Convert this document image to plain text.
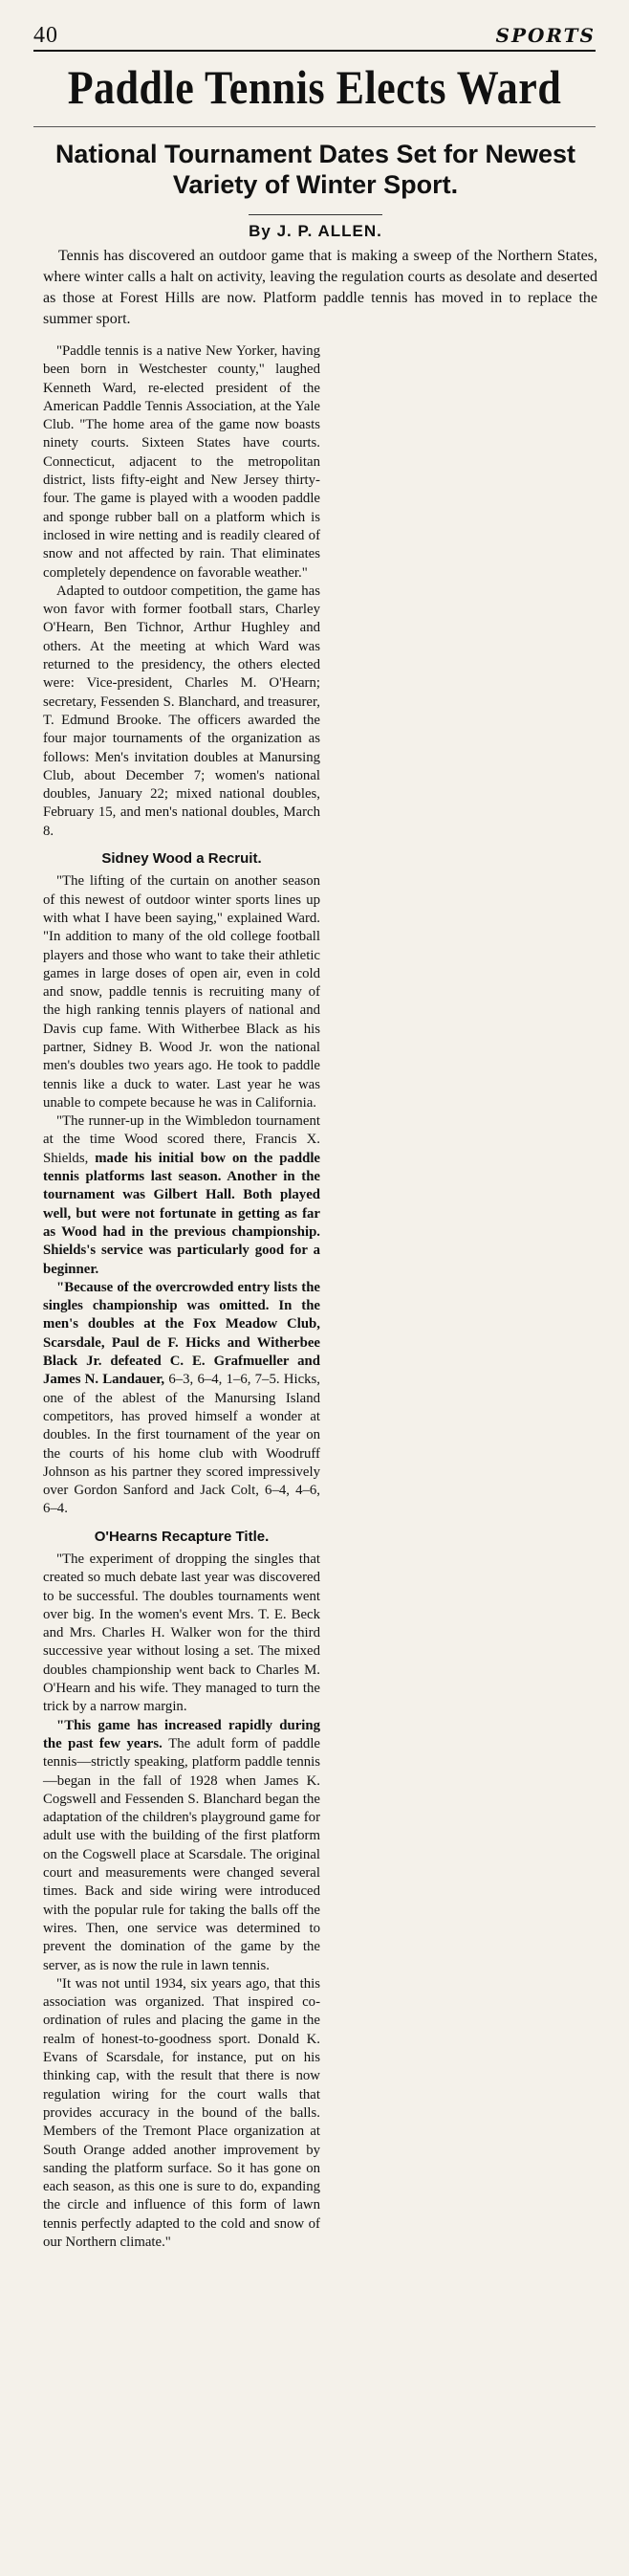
40	SPORTS
Paddle Tennis Elects Ward
National Tournament Dates Set for Newest Variety of Winter Sport.
By J. P. ALLEN.

Tennis has discovered an outdoor game that is making a sweep of the Northern States, where winter calls a halt on activity, leaving the regulation courts as desolate and deserted as those at Forest Hills are now. Platform paddle tennis has moved in to replace the summer sport.

"Paddle tennis is a native New Yorker, having been born in Westchester county," laughed Kenneth Ward, re-elected president of the American Paddle Tennis Association, at the Yale Club. "The home area of the game now boasts ninety courts. Sixteen States have courts. Connecticut, adjacent to the metropolitan district, lists fifty-eight and New Jersey thirty-four. The game is played with a wooden paddle and sponge rubber ball on a platform which is inclosed in wire netting and is readily cleared of snow and not affected by rain. That eliminates completely dependence on favorable weather."

Adapted to outdoor competition, the game has won favor with former football stars, Charley O'Hearn, Ben Tichnor, Arthur Hughley and others. At the meeting at which Ward was returned to the presidency, the others elected were: Vice-president, Charles M. O'Hearn; secretary, Fessenden S. Blanchard, and treasurer, T. Edmund Brooke. The officers awarded the four major tournaments of the organization as follows: Men's invitation doubles at Manursing Club, about December 7; women's national doubles, January 22; mixed national doubles, February 15, and men's national doubles, March 8.

Sidney Wood a Recruit.

"The lifting of the curtain on another season of this newest of outdoor winter sports lines up with what I have been saying," explained Ward. "In addition to many of the old college football players and those who want to take their athletic games in large doses of open air, even in cold and snow, paddle tennis is recruiting many of the high ranking tennis players of national and Davis cup fame. With Witherbee Black as his partner, Sidney B. Wood Jr. won the national men's doubles two years ago. He took to paddle tennis like a duck to water. Last year he was unable to compete because he was in California.

"The runner-up in the Wimbledon tournament at the time Wood scored there, Francis X. Shields, made his initial bow on the paddle tennis platforms last season. Another in the tournament was Gilbert Hall. Both played well, but were not fortunate in getting as far as Wood had in the previous championship. Shields's service was particularly good for a beginner.

"Because of the overcrowded entry lists the singles championship was omitted. In the men's doubles at the Fox Meadow Club, Scarsdale, Paul de F. Hicks and Witherbee Black Jr. defeated C. E. Grafmueller and James N. Landauer, 6–3, 6–4, 1–6, 7–5. Hicks, one of the ablest of the Manursing Island competitors, has proved himself a wonder at doubles. In the first tournament of the year on the courts of his home club with Woodruff Johnson as his partner they scored impressively over Gordon Sanford and Jack Colt, 6–4, 4–6, 6–4.

O'Hearns Recapture Title.

"The experiment of dropping the singles that created so much debate last year was discovered to be successful. The doubles tournaments went over big. In the women's event Mrs. T. E. Beck and Mrs. Charles H. Walker won for the third successive year without losing a set. The mixed doubles championship went back to Charles M. O'Hearn and his wife. They managed to turn the trick by a narrow margin.

"This game has increased rapidly during the past few years. The adult form of paddle tennis—strictly speaking, platform paddle tennis—began in the fall of 1928 when James K. Cogswell and Fessenden S. Blanchard began the adaptation of the children's playground game for adult use with the building of the first platform on the Cogswell place at Scarsdale. The original court and measurements were changed several times. Back and side wiring were introduced with the popular rule for taking the balls off the wires. Then, one service was determined to prevent the domination of the game by the server, as is now the rule in lawn tennis.

"It was not until 1934, six years ago, that this association was organized. That inspired co-ordination of rules and placing the game in the realm of honest-to-goodness sport. Donald K. Evans of Scarsdale, for instance, put on his thinking cap, with the result that there is now regulation wiring for the court walls that provides accuracy in the bound of the balls. Members of the Tremont Place organization at South Orange added another improvement by sanding the platform surface. So it has gone on each season, as this one is sure to do, expanding the circle and influence of this form of lawn tennis perfectly adapted to the cold and snow of our Northern climate."
